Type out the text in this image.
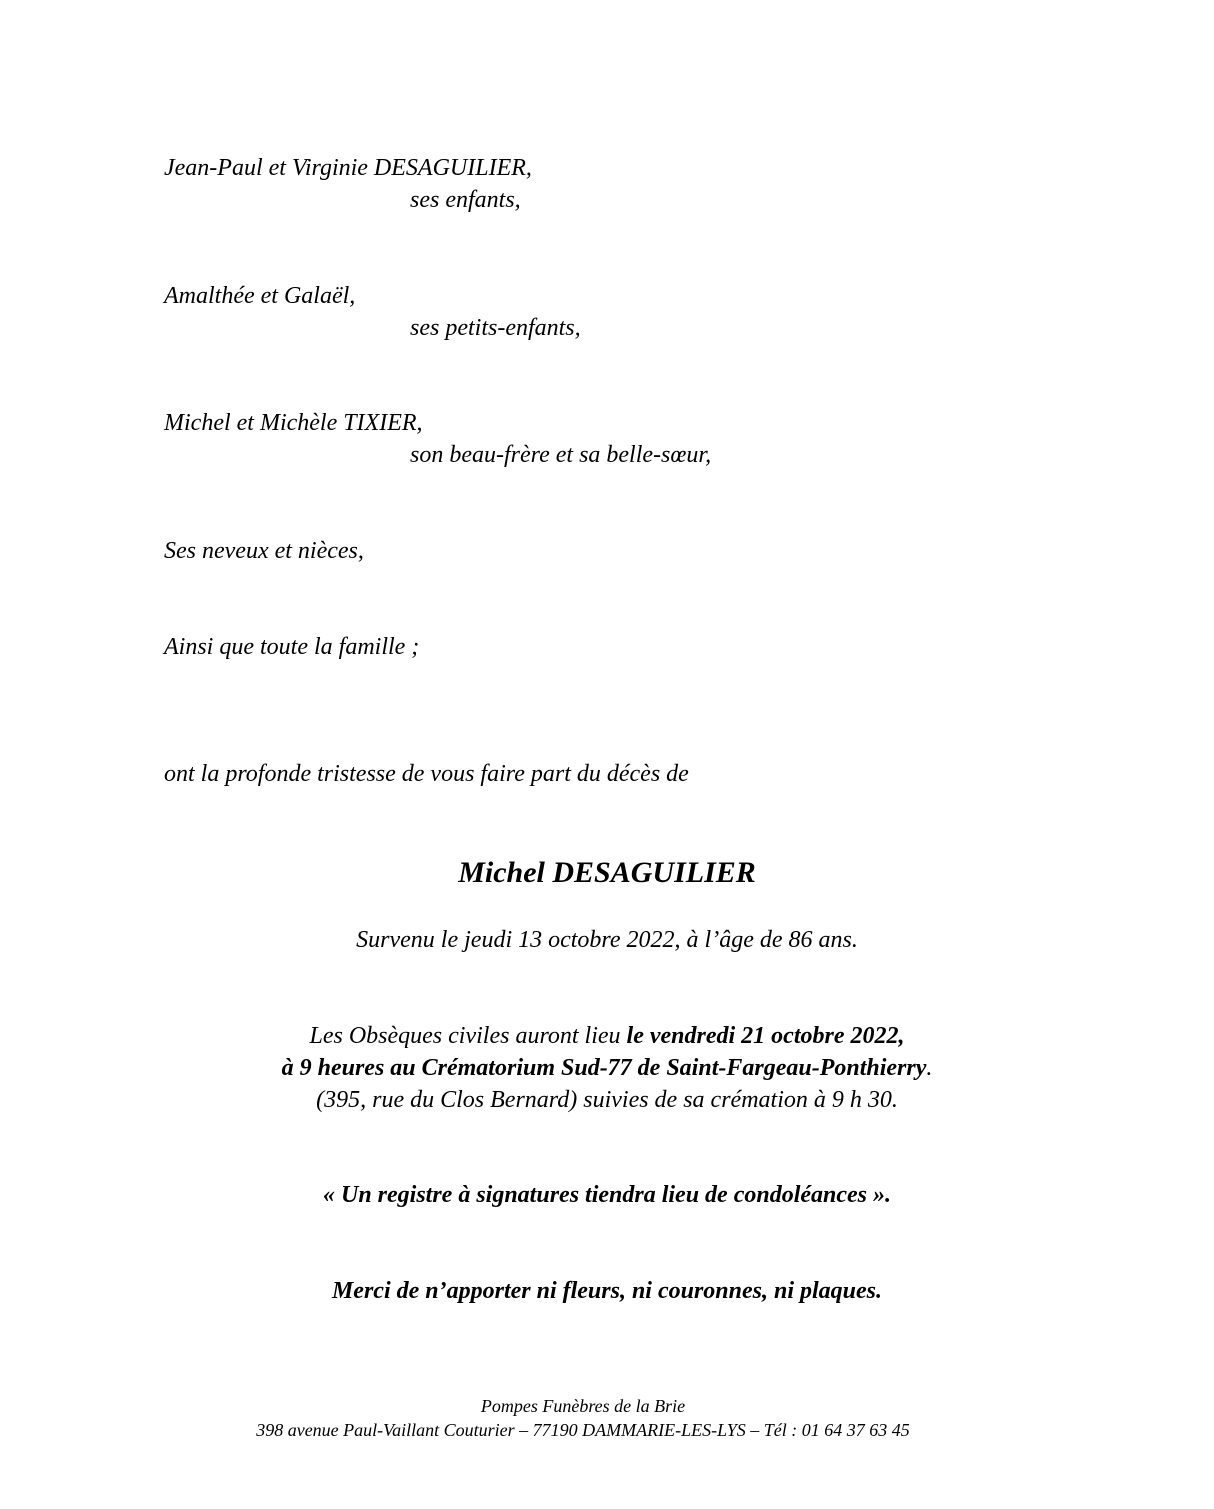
Jean-Paul et Virginie DESAGUILIER,
ses enfants,
Amalthée et Galaël,
ses petits-enfants,
Michel et Michèle TIXIER,
son beau-frère et sa belle-sœur,
Ses neveux et nièces,
Ainsi que toute la famille ;
ont la profonde tristesse de vous faire part du décès de
Michel DESAGUILIER
Survenu le jeudi 13 octobre 2022, à l’âge de 86 ans.
Les Obsèques civiles auront lieu le vendredi 21 octobre 2022,
à 9 heures au Crématorium Sud-77 de Saint-Fargeau-Ponthierry.
(395, rue du Clos Bernard) suivies de sa crémation à 9 h 30.
« Un registre à signatures tiendra lieu de condoléances ».
Merci de n’apporter ni fleurs, ni couronnes, ni plaques.
Pompes Funèbres de la Brie
398 avenue Paul-Vaillant Couturier – 77190 DAMMARIE-LES-LYS – Tél : 01 64 37 63 45
